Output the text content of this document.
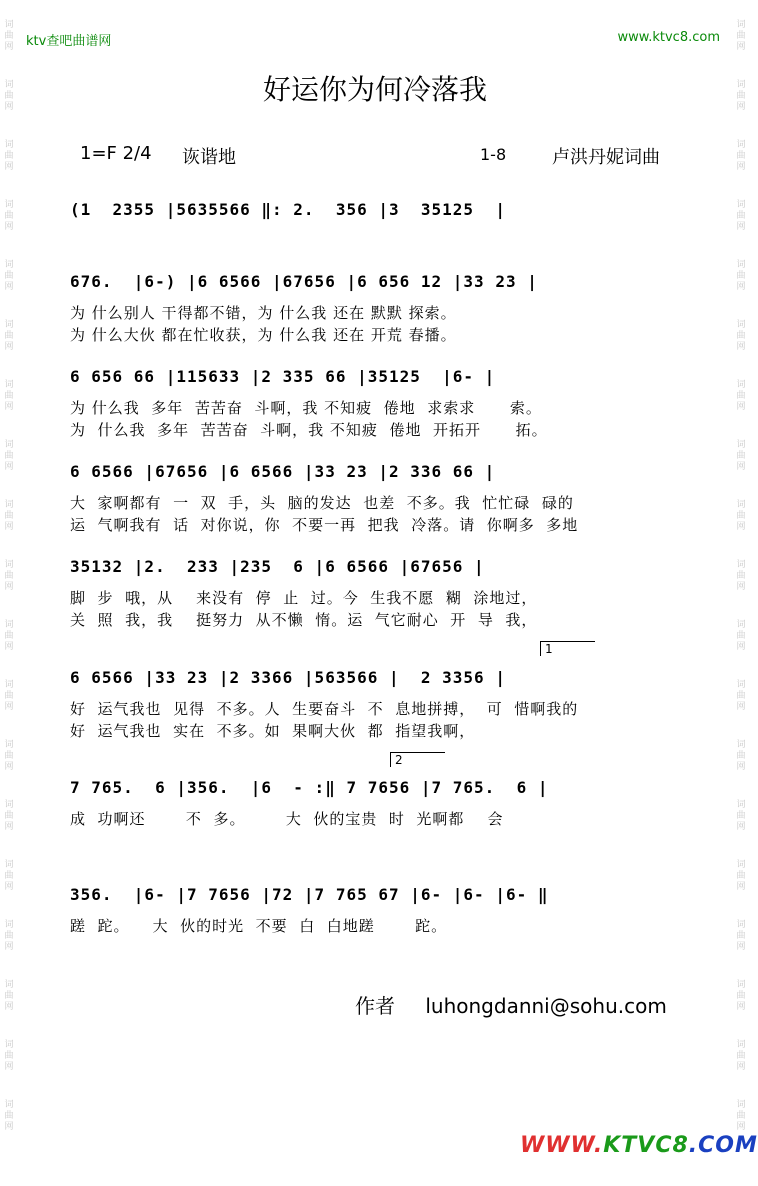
词曲网
词曲网
词曲网
词曲网
词曲网
词曲网
词曲网
词曲网
词曲网
词曲网
词曲网
词曲网
词曲网
词曲网
词曲网
词曲网
词曲网
词曲网
词曲网
词曲网
词曲网
词曲网
词曲网
词曲网
词曲网
词曲网
词曲网
词曲网
词曲网
词曲网
词曲网
词曲网
词曲网
词曲网
词曲网
词曲网
词曲网
词曲网
ktv查吧曲谱网	www.ktvc8.com
好运你为何冷落我
1=F 2/4 诙谐地	1-8	卢洪丹妮词曲
(1  2355 |5635566 ‖: 2.  356 |3  35125  |
676.  |6-) |6 6566 |67656 |6 656 12 |33 23 |
为 什么别人 干得都不错，为 什么我 还在 默默 探索。
为 什么大伙 都在忙收获，为 什么我 还在 开荒 春播。
6 656 66 |115633 |2 335 66 |35125  |6- |
为 什么我  多年  苦苦奋  斗啊，我 不知疲  倦地  求索求      索。
为  什么我  多年  苦苦奋  斗啊，我 不知疲  倦地  开拓开      拓。
6 6566 |67656 |6 6566 |33 23 |2 336 66 |
大  家啊都有  一  双  手，头  脑的发达  也差  不多。我  忙忙碌  碌的
运  气啊我有  话  对你说，你  不要一再  把我  冷落。请  你啊多  多地
35132 |2.  233 |235  6 |6 6566 |67656 |
脚  步  哦，从    来没有  停  止  过。今  生我不愿  糊  涂地过，
关  照  我，我    挺努力  从不懒  惰。运  气它耐心  开  导  我，
6 6566 |33 23 |2 3366 |563566 |  2 3356 |
好  运气我也  见得  不多。人  生要奋斗  不  息地拼搏，  可  惜啊我的
好  运气我也  实在  不多。如  果啊大伙  都  指望我啊，
7 765.  6 |356.  |6  - :‖ 7 7656 |7 765.  6 |
成  功啊还       不  多。       大  伙的宝贵  时  光啊都    会
356.  |6- |7 7656 |72 |7 765 67 |6- |6- |6- ‖
蹉  跎。    大  伙的时光  不要  白  白地蹉       跎。
1
2
作者 luhongdanni@sohu.com
WWW.KTVC8.COM
